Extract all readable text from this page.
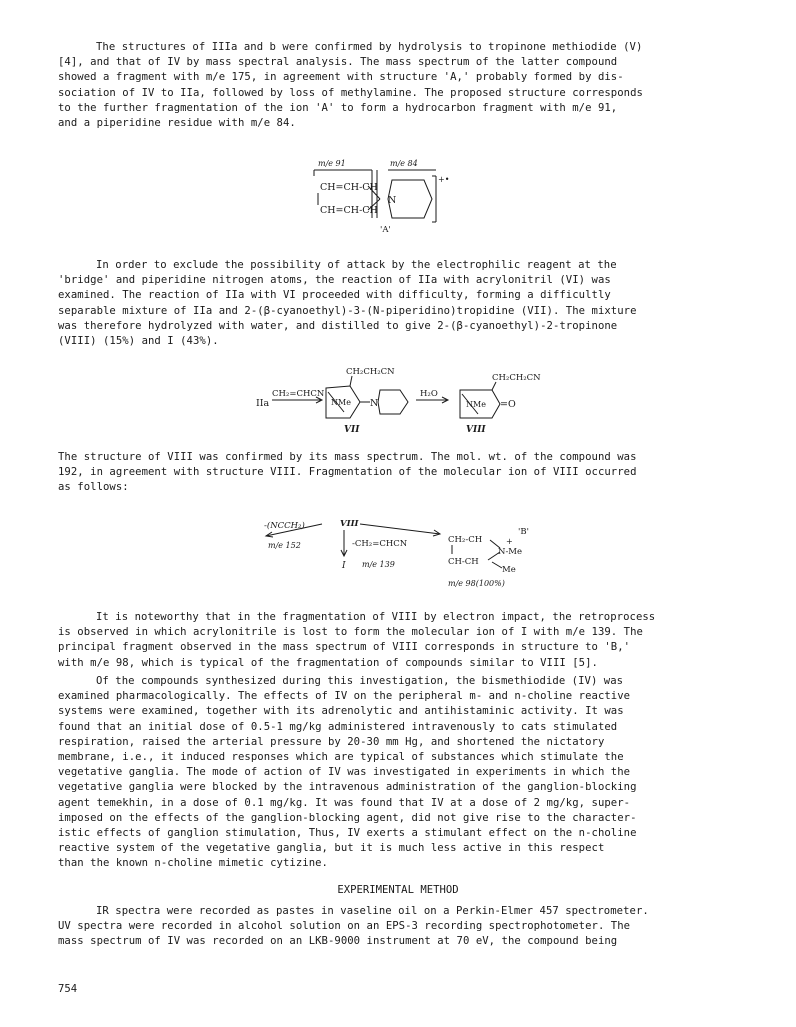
The structures of IIIa and b were confirmed by hydrolysis to tropinone methiodide (V)
[4], and that of IV by mass spectral analysis. The mass spectrum of the latter compound
showed a fragment with m/e 175, in agreement with structure 'A,' probably formed by dis-
sociation of IV to IIa, followed by loss of methylamine. The proposed structure corresponds
to the further fragmentation of the ion 'A' to form a hydrocarbon fragment with m/e 91,
and a piperidine residue with m/e 84.

m/e 91	m/e 84
CH=CH-CH
CH=CH-CH
N
+•
'A'

In order to exclude the possibility of attack by the electrophilic reagent at the
'bridge' and piperidine nitrogen atoms, the reaction of IIa with acrylonitril (VI) was
examined. The reaction of IIa with VI proceeded with difficulty, forming a difficultly
separable mixture of IIa and 2-(β-cyanoethyl)-3-(N-piperidino)tropidine (VII). The mixture
was therefore hydrolyzed with water, and distilled to give 2-(β-cyanoethyl)-2-tropinone
(VIII) (15%) and I (43%).

IIa
CH₂=CHCN
CH₂CH₂CN
NMe N
VII
H₂O
CH₂CH₂CN
NMe =O
VIII

The structure of VIII was confirmed by its mass spectrum. The mol. wt. of the compound was
192, in agreement with structure VIII. Fragmentation of the molecular ion of VIII occurred
as follows:

-(NCCH₂)	VIII
m/e 152	-CH₂=CHCN
I m/e 139
CH₂-CH
CH-CH
N-Me
+
Me
'B'
m/e 98(100%)

It is noteworthy that in the fragmentation of VIII by electron impact, the retroprocess
is observed in which acrylonitrile is lost to form the molecular ion of I with m/e 139. The
principal fragment observed in the mass spectrum of VIII corresponds in structure to 'B,'
with m/e 98, which is typical of the fragmentation of compounds similar to VIII [5].

Of the compounds synthesized during this investigation, the bismethiodide (IV) was
examined pharmacologically. The effects of IV on the peripheral m- and n-choline reactive
systems were examined, together with its adrenolytic and antihistaminic activity. It was
found that an initial dose of 0.5-1 mg/kg administered intravenously to cats stimulated
respiration, raised the arterial pressure by 20-30 mm Hg, and shortened the nictatory
membrane, i.e., it induced responses which are typical of substances which stimulate the
vegetative ganglia. The mode of action of IV was investigated in experiments in which the
vegetative ganglia were blocked by the intravenous administration of the ganglion-blocking
agent temekhin, in a dose of 0.1 mg/kg. It was found that IV at a dose of 2 mg/kg, super-
imposed on the effects of the ganglion-blocking agent, did not give rise to the character-
istic effects of ganglion stimulation, Thus, IV exerts a stimulant effect on the n-choline
reactive system of the vegetative ganglia, but it is much less active in this respect
than the known n-choline mimetic cytizine.

EXPERIMENTAL METHOD

IR spectra were recorded as pastes in vaseline oil on a Perkin-Elmer 457 spectrometer.
UV spectra were recorded in alcohol solution on an EPS-3 recording spectrophotometer. The
mass spectrum of IV was recorded on an LKB-9000 instrument at 70 eV, the compound being

754
